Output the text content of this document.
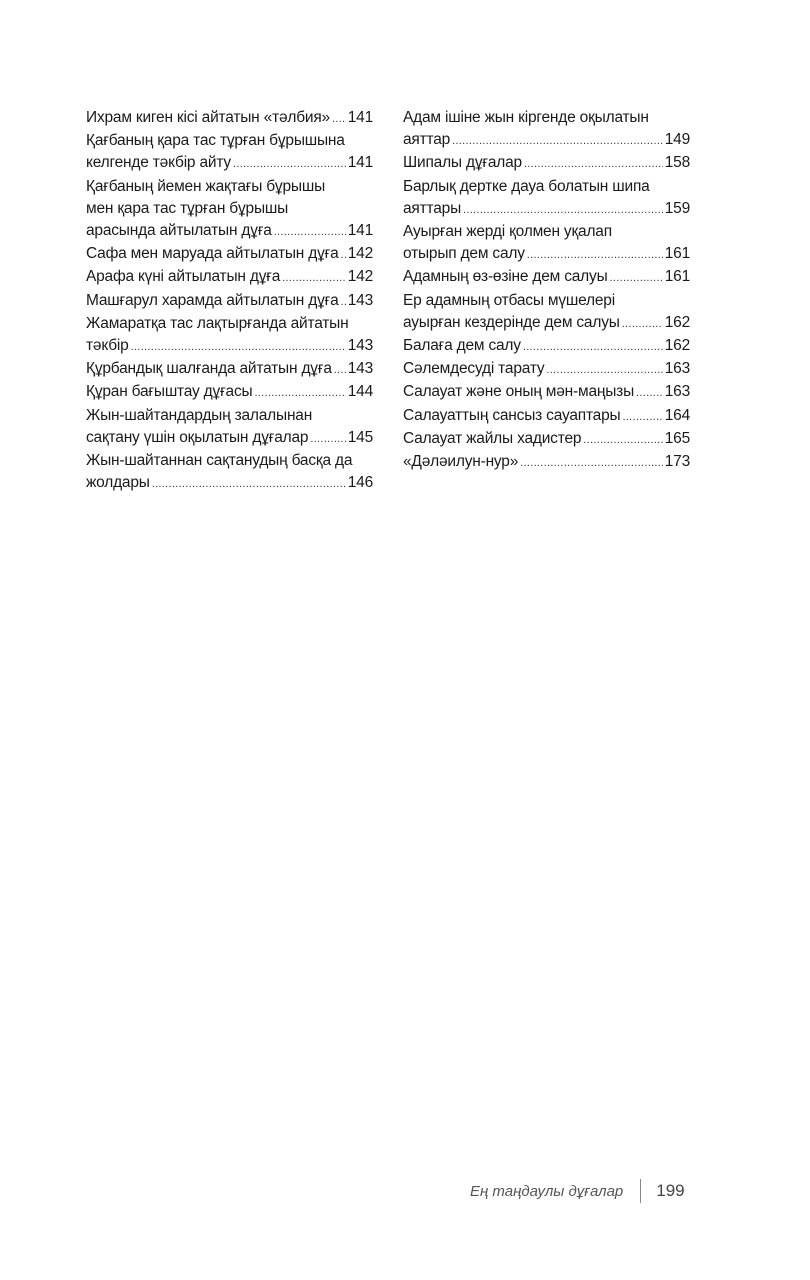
Ихрам киген кісі айтатын «тәлбия» ..... 141
Қағбаның қара тас тұрған бұрышына
келгенде тәкбір айту .....	141
Қағбаның йемен жақтағы бұрышы
мен қара тас тұрған бұрышы
арасында айтылатын дұға .....	141
Сафа мен маруада айтылатын дұға ..... 142
Арафа күні айтылатын дұға .....	142
Машғарул харамда айтылатын дұға ..... 143
Жамаратқа тас лақтырғанда айтатын
тәкбір .....	143
Құрбандық шалғанда айтатын дұға ..... 143
Құран бағыштау дұғасы .....	144
Жын-шайтандардың залалынан
сақтану үшін оқылатын дұғалар .....	145
Жын-шайтаннан сақтанудың басқа да
жолдары .....	146
Адам ішіне жын кіргенде оқылатын
аяттар .....	149
Шипалы дұғалар .....	158
Барлық дертке дауа болатын шипа
аяттары .....	159
Ауырған жерді қолмен уқалап
отырып дем салу .....	161
Адамның өз-өзіне дем салуы .....	161
Ер адамның отбасы мүшелері
ауырған кездерінде дем салуы .....	162
Балаға дем салу .....	162
Сәлемдесуді тарату .....	163
Салауат және оның мән-маңызы ..... 163
Салауаттың сансыз сауаптары .....	164
Салауат жайлы хадистер .....	165
«Дәләилун-нур» .....	173
Ең таңдаулы дұғалар 199
